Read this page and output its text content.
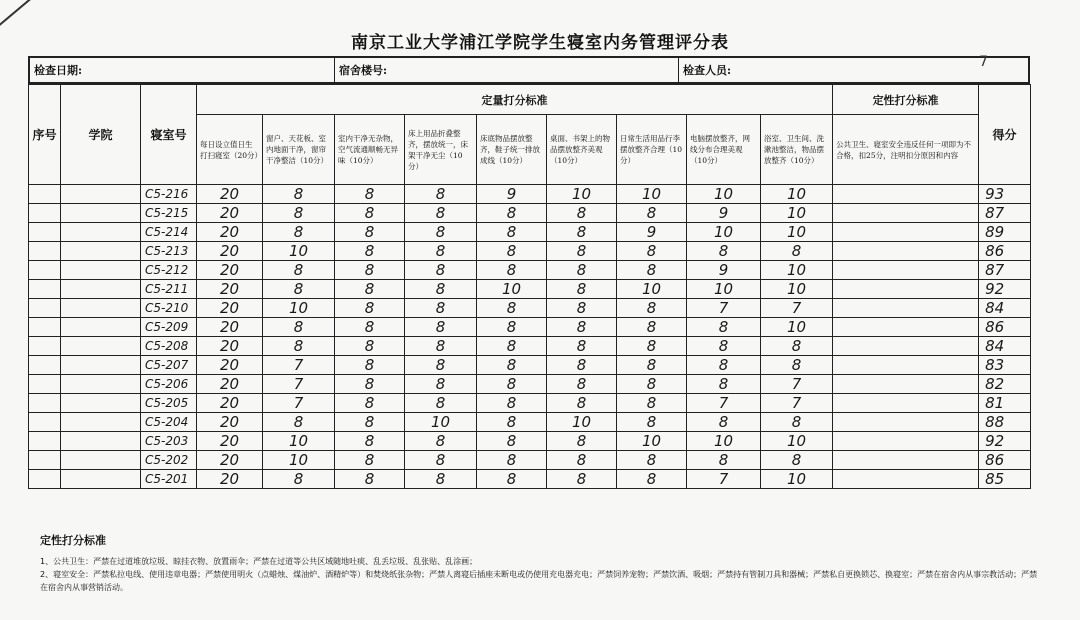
南京工业大学浦江学院学生寝室内务管理评分表
检查日期:	宿舍楼号:	检查人员:
7
序号	学院	寝室号	定量打分标准									定性打分标准	得分
			每日设立值日生打扫寝室（20分）	窗户、天花板、室内地面干净，窗帘干净整洁（10分）	室内干净无杂物，空气流通顺畅无异味（10分）	床上用品折叠整齐，摆放统一，床架干净无尘（10分）	床底物品摆放整齐，鞋子统一排放成线（10分）	桌面、书架上的物品摆放整齐美观（10分）	日常生活用品行李摆放整齐合理（10分）	电脑摆放整齐，网线分布合理美观（10分）	浴室、卫生间、洗漱池整洁，物品摆放整齐（10分）	公共卫生、寝室安全违反任何一项即为不合格，扣25分，注明扣分原因和内容	
		C5-216	20	8	8	8	9	10	10	10	10		93
		C5-215	20	8	8	8	8	8	8	9	10		87
		C5-214	20	8	8	8	8	8	9	10	10		89
		C5-213	20	10	8	8	8	8	8	8	8		86
		C5-212	20	8	8	8	8	8	8	9	10		87
		C5-211	20	8	8	8	10	8	10	10	10		92
		C5-210	20	10	8	8	8	8	8	7	7		84
		C5-209	20	8	8	8	8	8	8	8	10		86
		C5-208	20	8	8	8	8	8	8	8	8		84
		C5-207	20	7	8	8	8	8	8	8	8		83
		C5-206	20	7	8	8	8	8	8	8	7		82
		C5-205	20	7	8	8	8	8	8	7	7		81
		C5-204	20	8	8	10	8	10	8	8	8		88
		C5-203	20	10	8	8	8	8	10	10	10		92
		C5-202	20	10	8	8	8	8	8	8	8		86
		C5-201	20	8	8	8	8	8	8	7	10		85
定性打分标准

1、公共卫生：严禁在过道堆放垃圾、晾挂衣物、放置雨伞；严禁在过道等公共区域随地吐痰、乱丢垃圾、乱张贴、乱涂画；

2、寝室安全：严禁私拉电线、使用违章电器；严禁使用明火（点蜡烛、煤油炉、酒精炉等）和焚烧纸张杂物；严禁人离寝后插座未断电或仍使用充电器充电；严禁饲养宠物；严禁饮酒、吸烟；严禁持有管制刀具和器械；严禁私自更换锁芯、换寝室；严禁在宿舍内从事宗教活动；严禁在宿舍内从事营销活动。
